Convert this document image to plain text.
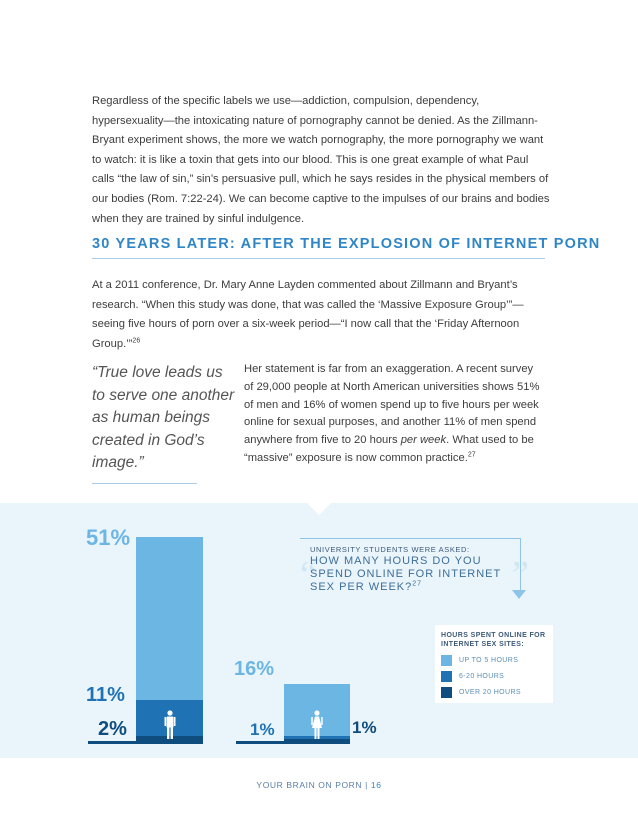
Regardless of the specific labels we use—addiction, compulsion, dependency, hypersexuality—the intoxicating nature of pornography cannot be denied. As the Zillmann-Bryant experiment shows, the more we watch pornography, the more pornography we want to watch: it is like a toxin that gets into our blood. This is one great example of what Paul calls “the law of sin,” sin’s persuasive pull, which he says resides in the physical members of our bodies (Rom. 7:22-24). We can become captive to the impulses of our brains and bodies when they are trained by sinful indulgence.
30 YEARS LATER: AFTER THE EXPLOSION OF INTERNET PORN
At a 2011 conference, Dr. Mary Anne Layden commented about Zillmann and Bryant’s research. “When this study was done, that was called the ‘Massive Exposure Group’”—seeing five hours of porn over a six-week period—“I now call that the ‘Friday Afternoon Group.’”$^{26}$
“True love leads us to serve one another as human beings created in God’s image.”
Her statement is far from an exaggeration. A recent survey of 29,000 people at North American universities shows 51% of men and 16% of women spend up to five hours per week online for sexual purposes, and another 11% of men spend anywhere from five to 20 hours per week. What used to be “massive” exposure is now common practice.$^{27}$
“	”
UNIVERSITY STUDENTS WERE ASKED:
HOW MANY HOURS DO YOU SPEND ONLINE FOR INTERNET SEX PER WEEK?$^{27}$
HOURS SPENT ONLINE FOR INTERNET SEX SITES:
UP TO 5 HOURS
6-20 HOURS
OVER 20 HOURS
51%
11%
2%
16%
1%	1%
YOUR BRAIN ON PORN | 16
